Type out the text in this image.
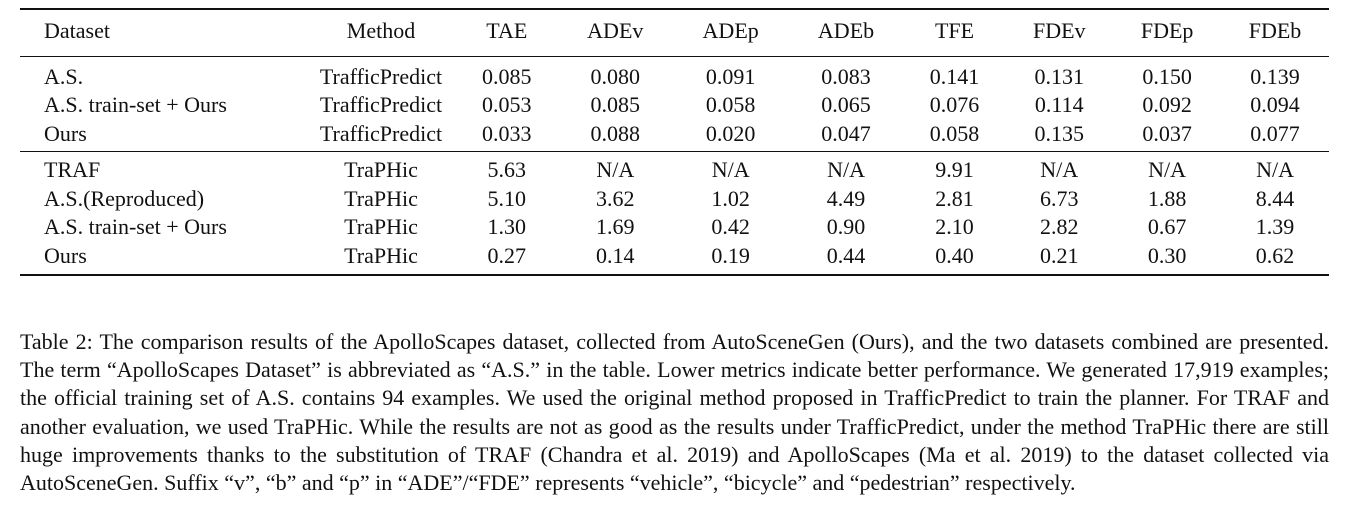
Dataset	Method	TAE	ADEv	ADEp	ADEb	TFE	FDEv	FDEp	FDEb
A.S.	TrafficPredict	0.085	0.080	0.091	0.083	0.141	0.131	0.150	0.139
A.S. train-set + Ours	TrafficPredict	0.053	0.085	0.058	0.065	0.076	0.114	0.092	0.094
Ours	TrafficPredict	0.033	0.088	0.020	0.047	0.058	0.135	0.037	0.077
TRAF	TraPHic	5.63	N/A	N/A	N/A	9.91	N/A	N/A	N/A
A.S.(Reproduced)	TraPHic	5.10	3.62	1.02	4.49	2.81	6.73	1.88	8.44
A.S. train-set + Ours	TraPHic	1.30	1.69	0.42	0.90	2.10	2.82	0.67	1.39
Ours	TraPHic	0.27	0.14	0.19	0.44	0.40	0.21	0.30	0.62

Table 2: The comparison results of the ApolloScapes dataset, collected from AutoSceneGen (Ours), and the two datasets combined are presented. The term “ApolloScapes Dataset” is abbreviated as “A.S.” in the table. Lower metrics indicate better performance. We generated 17,919 examples; the official training set of A.S. contains 94 examples. We used the original method proposed in TrafficPredict to train the planner. For TRAF and another evaluation, we used TraPHic. While the results are not as good as the results under TrafficPredict, under the method TraPHic there are still huge improvements thanks to the substitution of TRAF (Chandra et al. 2019) and ApolloScapes (Ma et al. 2019) to the dataset collected via AutoSceneGen. Suffix “v”, “b” and “p” in “ADE”/“FDE” represents “vehicle”, “bicycle” and “pedestrian” respectively.
